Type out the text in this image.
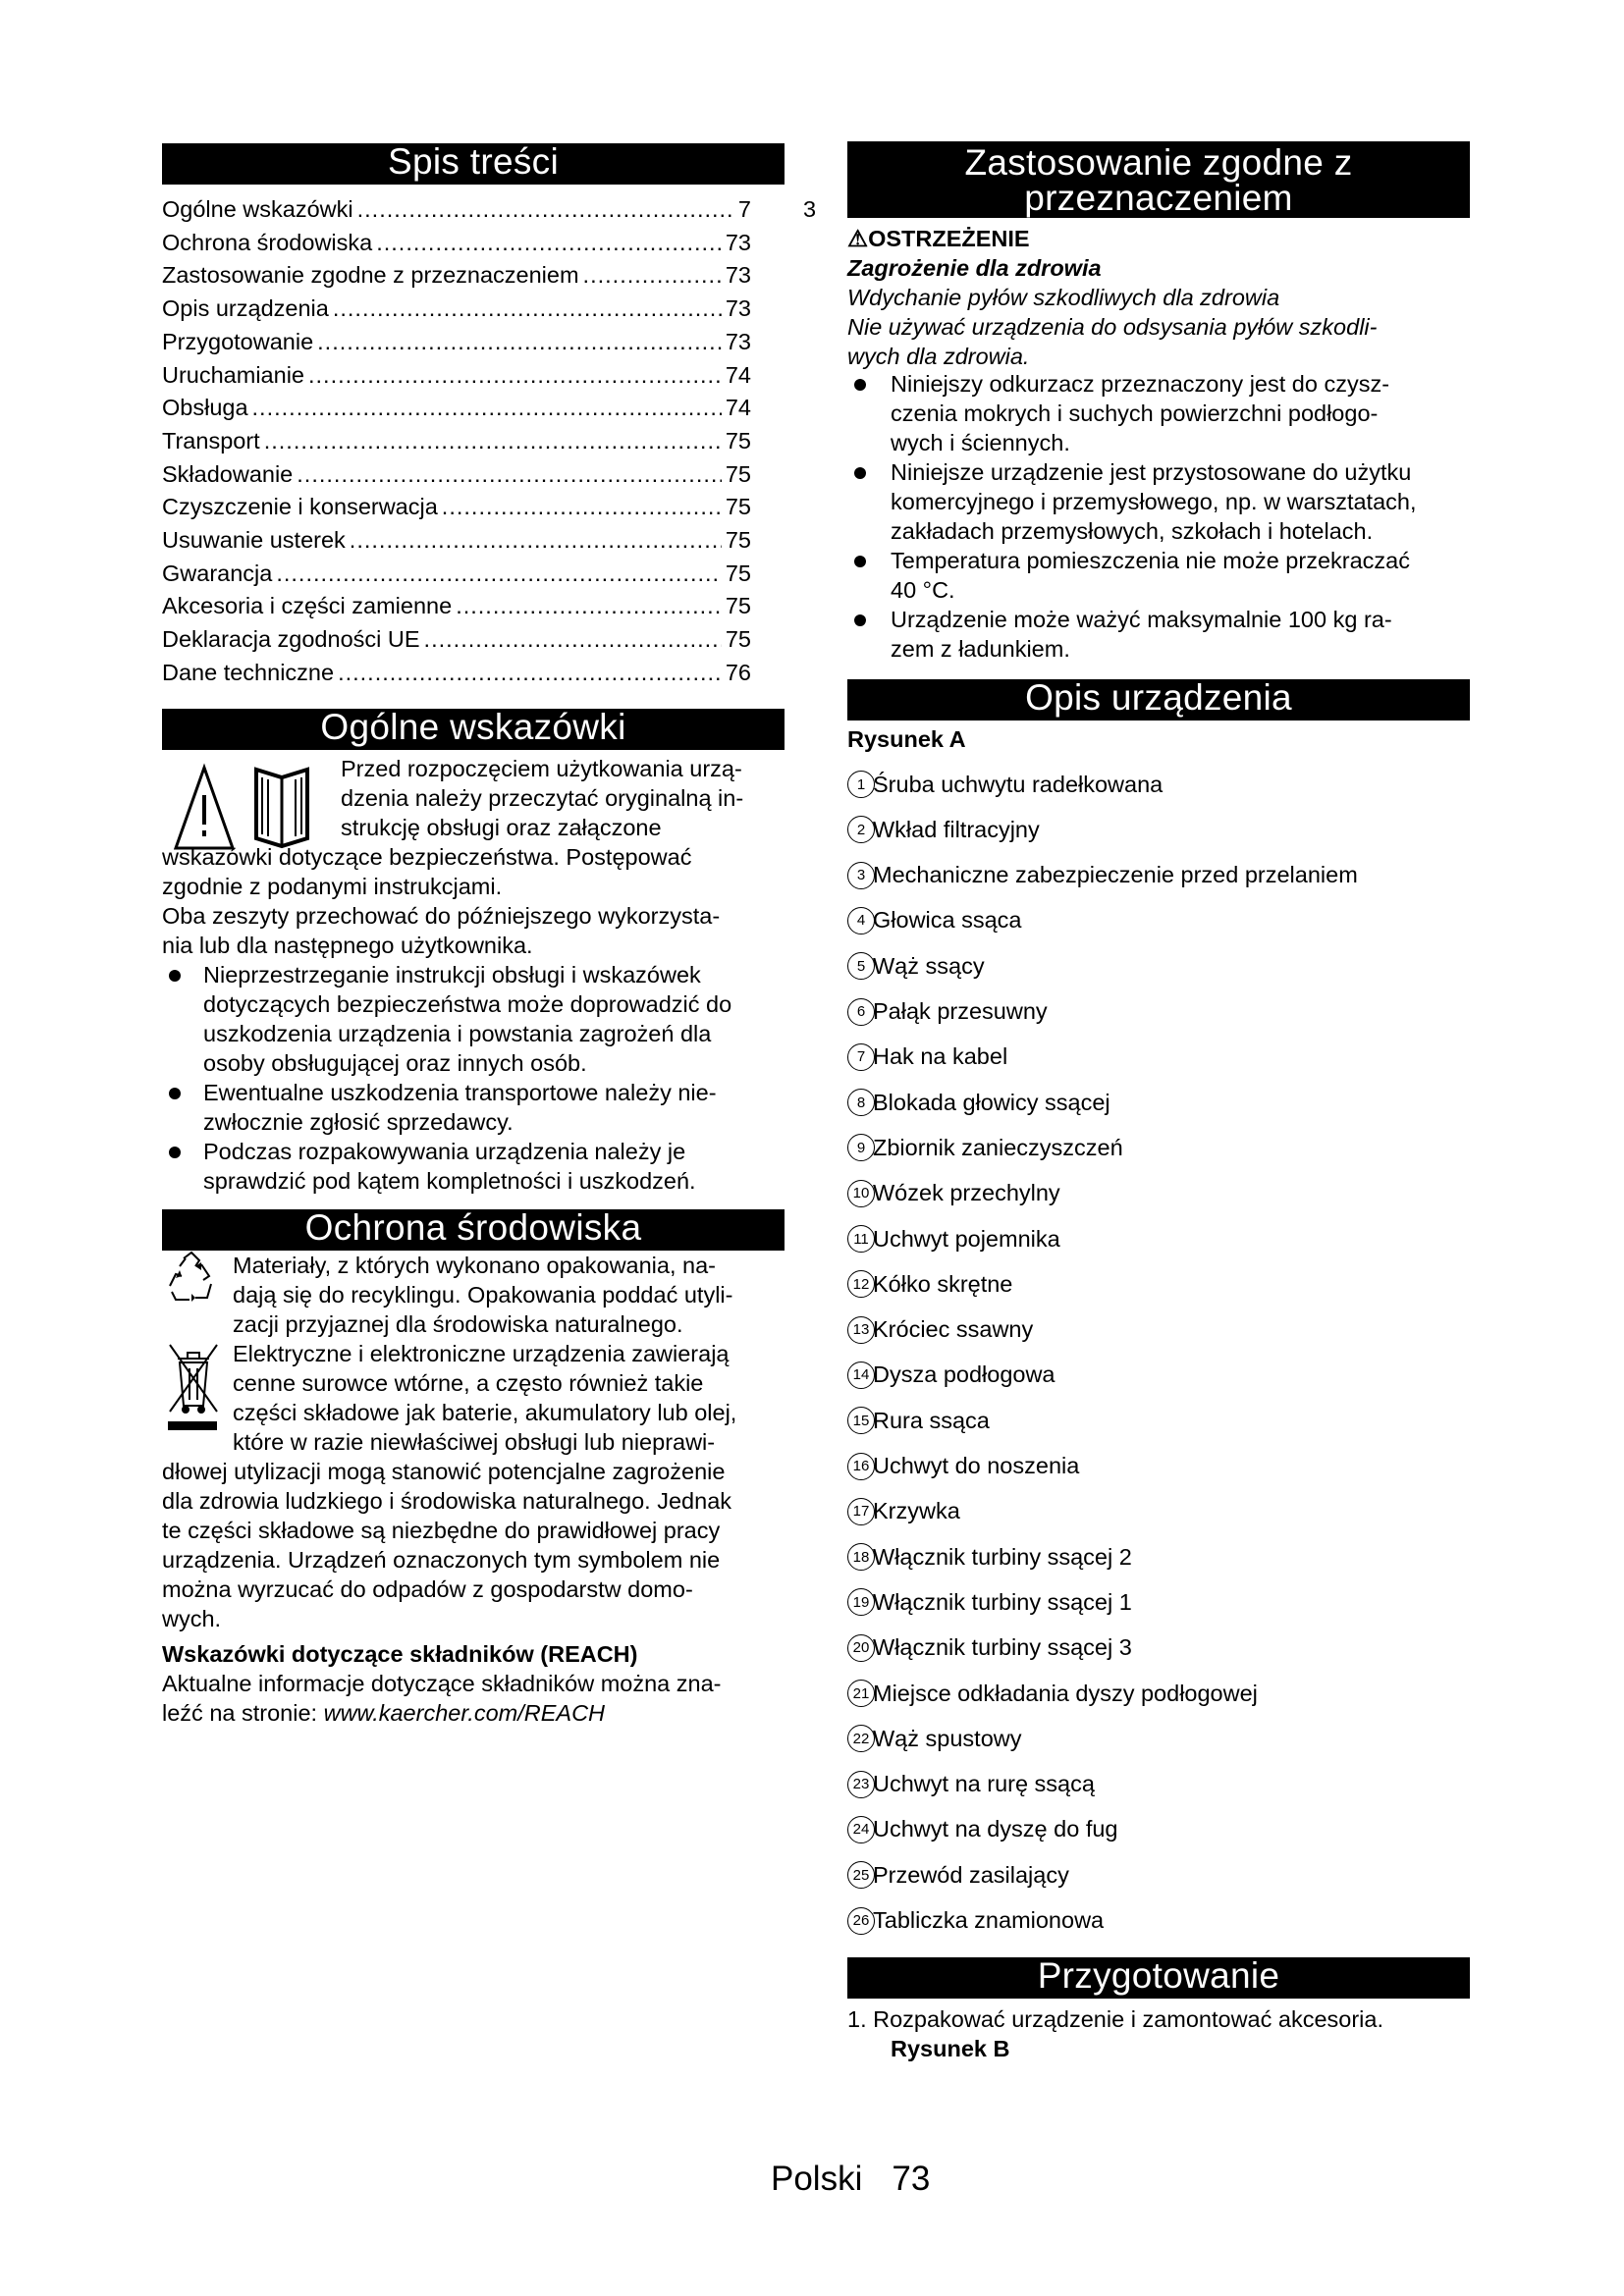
Spis treści
Ogólne wskazówki .....	7
Ochrona środowiska .....	73
Zastosowanie zgodne z przeznaczeniem .....	73
Opis urządzenia .....	73
Przygotowanie .....	73
Uruchamianie .....	74
Obsługa .....	74
Transport .....	75
Składowanie .....	75
Czyszczenie i konserwacja .....	75
Usuwanie usterek .....	75
Gwarancja .....	75
Akcesoria i części zamienne .....	75
Deklaracja zgodności UE .....	75
Dane techniczne .....	76
Ogólne wskazówki
Przed rozpoczęciem użytkowania urzą-
dzenia należy przeczytać oryginalną in-
strukcję obsługi oraz załączone
wskazówki dotyczące bezpieczeństwa. Postępować
zgodnie z podanymi instrukcjami.
Oba zeszyty przechować do późniejszego wykorzysta-
nia lub dla następnego użytkownika.
Nieprzestrzeganie instrukcji obsługi i wskazówek
dotyczących bezpieczeństwa może doprowadzić do
uszkodzenia urządzenia i powstania zagrożeń dla
osoby obsługującej oraz innych osób.
Ewentualne uszkodzenia transportowe należy nie-
zwłocznie zgłosić sprzedawcy.
Podczas rozpakowywania urządzenia należy je
sprawdzić pod kątem kompletności i uszkodzeń.
Ochrona środowiska
Materiały, z których wykonano opakowania, na-
dają się do recyklingu. Opakowania poddać utyli-
zacji przyjaznej dla środowiska naturalnego.
Elektryczne i elektroniczne urządzenia zawierają
cenne surowce wtórne, a często również takie
części składowe jak baterie, akumulatory lub olej,
które w razie niewłaściwej obsługi lub nieprawi-
dłowej utylizacji mogą stanowić potencjalne zagrożenie
dla zdrowia ludzkiego i środowiska naturalnego. Jednak
te części składowe są niezbędne do prawidłowej pracy
urządzenia. Urządzeń oznaczonych tym symbolem nie
można wyrzucać do odpadów z gospodarstw domo-
wych.
Wskazówki dotyczące składników (REACH)
Aktualne informacje dotyczące składników można zna-
leźć na stronie: www.kaercher.com/REACH
3
Zastosowanie zgodne z
przeznaczeniem
⚠OSTRZEŻENIE
Zagrożenie dla zdrowia
Wdychanie pyłów szkodliwych dla zdrowia
Nie używać urządzenia do odsysania pyłów szkodli-
wych dla zdrowia.
Niniejszy odkurzacz przeznaczony jest do czysz-
czenia mokrych i suchych powierzchni podłogo-
wych i ściennych.
Niniejsze urządzenie jest przystosowane do użytku
komercyjnego i przemysłowego, np. w warsztatach,
zakładach przemysłowych, szkołach i hotelach.
Temperatura pomieszczenia nie może przekraczać
40 °C.
Urządzenie może ważyć maksymalnie 100 kg ra-
zem z ładunkiem.
Opis urządzenia
Rysunek A
1 Śruba uchwytu radełkowana
2 Wkład filtracyjny
3 Mechaniczne zabezpieczenie przed przelaniem
4 Głowica ssąca
5 Wąż ssący
6 Pałąk przesuwny
7 Hak na kabel
8 Blokada głowicy ssącej
9 Zbiornik zanieczyszczeń
10 Wózek przechylny
11 Uchwyt pojemnika
12 Kółko skrętne
13 Króciec ssawny
14 Dysza podłogowa
15 Rura ssąca
16 Uchwyt do noszenia
17 Krzywka
18 Włącznik turbiny ssącej 2
19 Włącznik turbiny ssącej 1
20 Włącznik turbiny ssącej 3
21 Miejsce odkładania dyszy podłogowej
22 Wąż spustowy
23 Uchwyt na rurę ssącą
24 Uchwyt na dyszę do fug
25 Przewód zasilający
26 Tabliczka znamionowa
Przygotowanie
1. Rozpakować urządzenie i zamontować akcesoria.
Rysunek B
Polski 73
